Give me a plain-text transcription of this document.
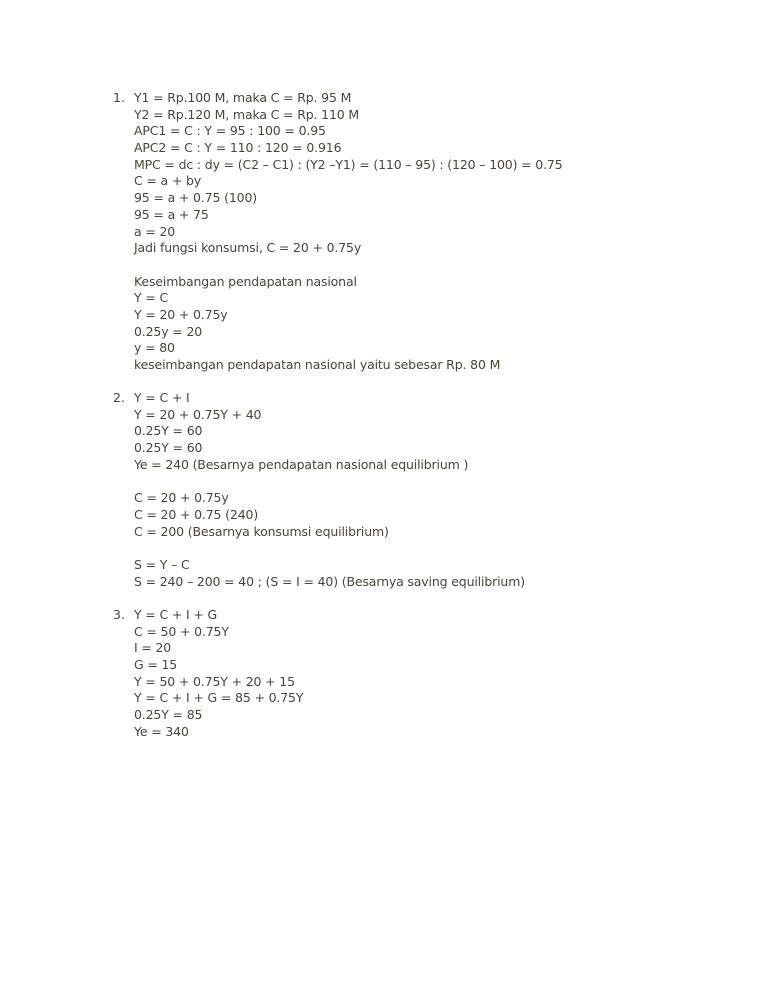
1. Y1 = Rp.100 M, maka C = Rp. 95 M
Y2 = Rp.120 M, maka C = Rp. 110 M
APC1 = C : Y = 95 : 100 = 0.95
APC2 = C : Y = 110 : 120 = 0.916
MPC = dc : dy = (C2 – C1) : (Y2 –Y1) = (110 – 95) : (120 – 100) = 0.75
C = a + by
95 = a + 0.75 (100)
95 = a + 75
a = 20
Jadi fungsi konsumsi, C = 20 + 0.75y
Keseimbangan pendapatan nasional
Y = C
Y = 20 + 0.75y
0.25y = 20
y = 80
keseimbangan pendapatan nasional yaitu sebesar Rp. 80 M
2. Y = C + I
Y = 20 + 0.75Y + 40
0.25Y = 60
0.25Y = 60
Ye = 240 (Besarnya pendapatan nasional equilibrium )
C = 20 + 0.75y
C = 20 + 0.75 (240)
C = 200 (Besarnya konsumsi equilibrium)
S = Y – C
S = 240 – 200 = 40 ; (S = I = 40) (Besarnya saving equilibrium)
3. Y = C + I + G
C = 50 + 0.75Y
I = 20
G = 15
Y = 50 + 0.75Y + 20 + 15
Y = C + I + G = 85 + 0.75Y
0.25Y = 85
Ye = 340
